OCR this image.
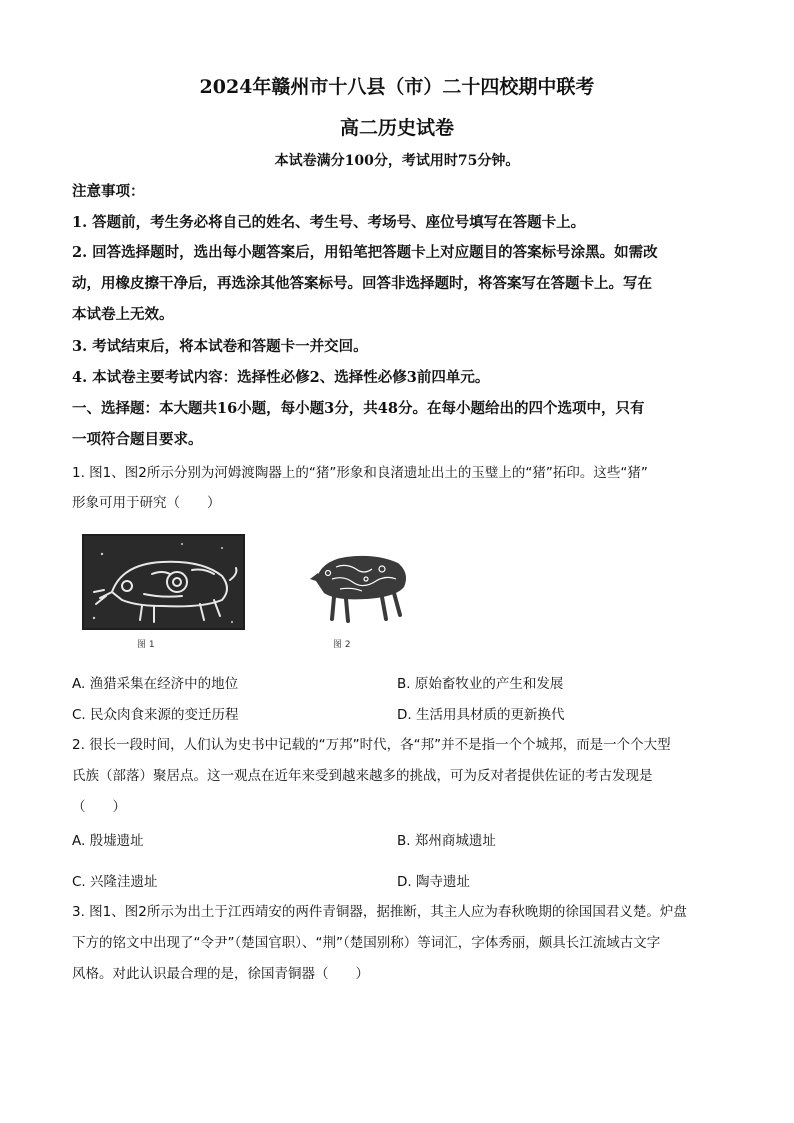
2024年赣州市十八县（市）二十四校期中联考
高二历史试卷
本试卷满分100分，考试用时75分钟。
注意事项：
1. 答题前，考生务必将自己的姓名、考生号、考场号、座位号填写在答题卡上。
2. 回答选择题时，选出每小题答案后，用铅笔把答题卡上对应题目的答案标号涂黑。如需改
动，用橡皮擦干净后，再选涂其他答案标号。回答非选择题时，将答案写在答题卡上。写在
本试卷上无效。
3. 考试结束后，将本试卷和答题卡一并交回。
4. 本试卷主要考试内容：选择性必修2、选择性必修3前四单元。
一、选择题：本大题共16小题，每小题3分，共48分。在每小题给出的四个选项中，只有
一项符合题目要求。
1. 图1、图2所示分别为河姆渡陶器上的“猪”形象和良渚遗址出土的玉璧上的“猪”拓印。这些“猪”
形象可用于研究（　　）
图 1	图 2
A. 渔猎采集在经济中的地位	B. 原始畜牧业的产生和发展
C. 民众肉食来源的变迁历程	D. 生活用具材质的更新换代
2. 很长一段时间，人们认为史书中记载的“万邦”时代，各“邦”并不是指一个个城邦，而是一个个大型
氏族（部落）聚居点。这一观点在近年来受到越来越多的挑战，可为反对者提供佐证的考古发现是
（　　）
A. 殷墟遗址	B. 郑州商城遗址
C. 兴隆洼遗址	D. 陶寺遗址
3. 图1、图2所示为出土于江西靖安的两件青铜器，据推断，其主人应为春秋晚期的徐国国君义楚。炉盘
下方的铭文中出现了“令尹”（楚国官职）、“荆”（楚国别称）等词汇，字体秀丽，颇具长江流域古文字
风格。对此认识最合理的是，徐国青铜器（　　）
